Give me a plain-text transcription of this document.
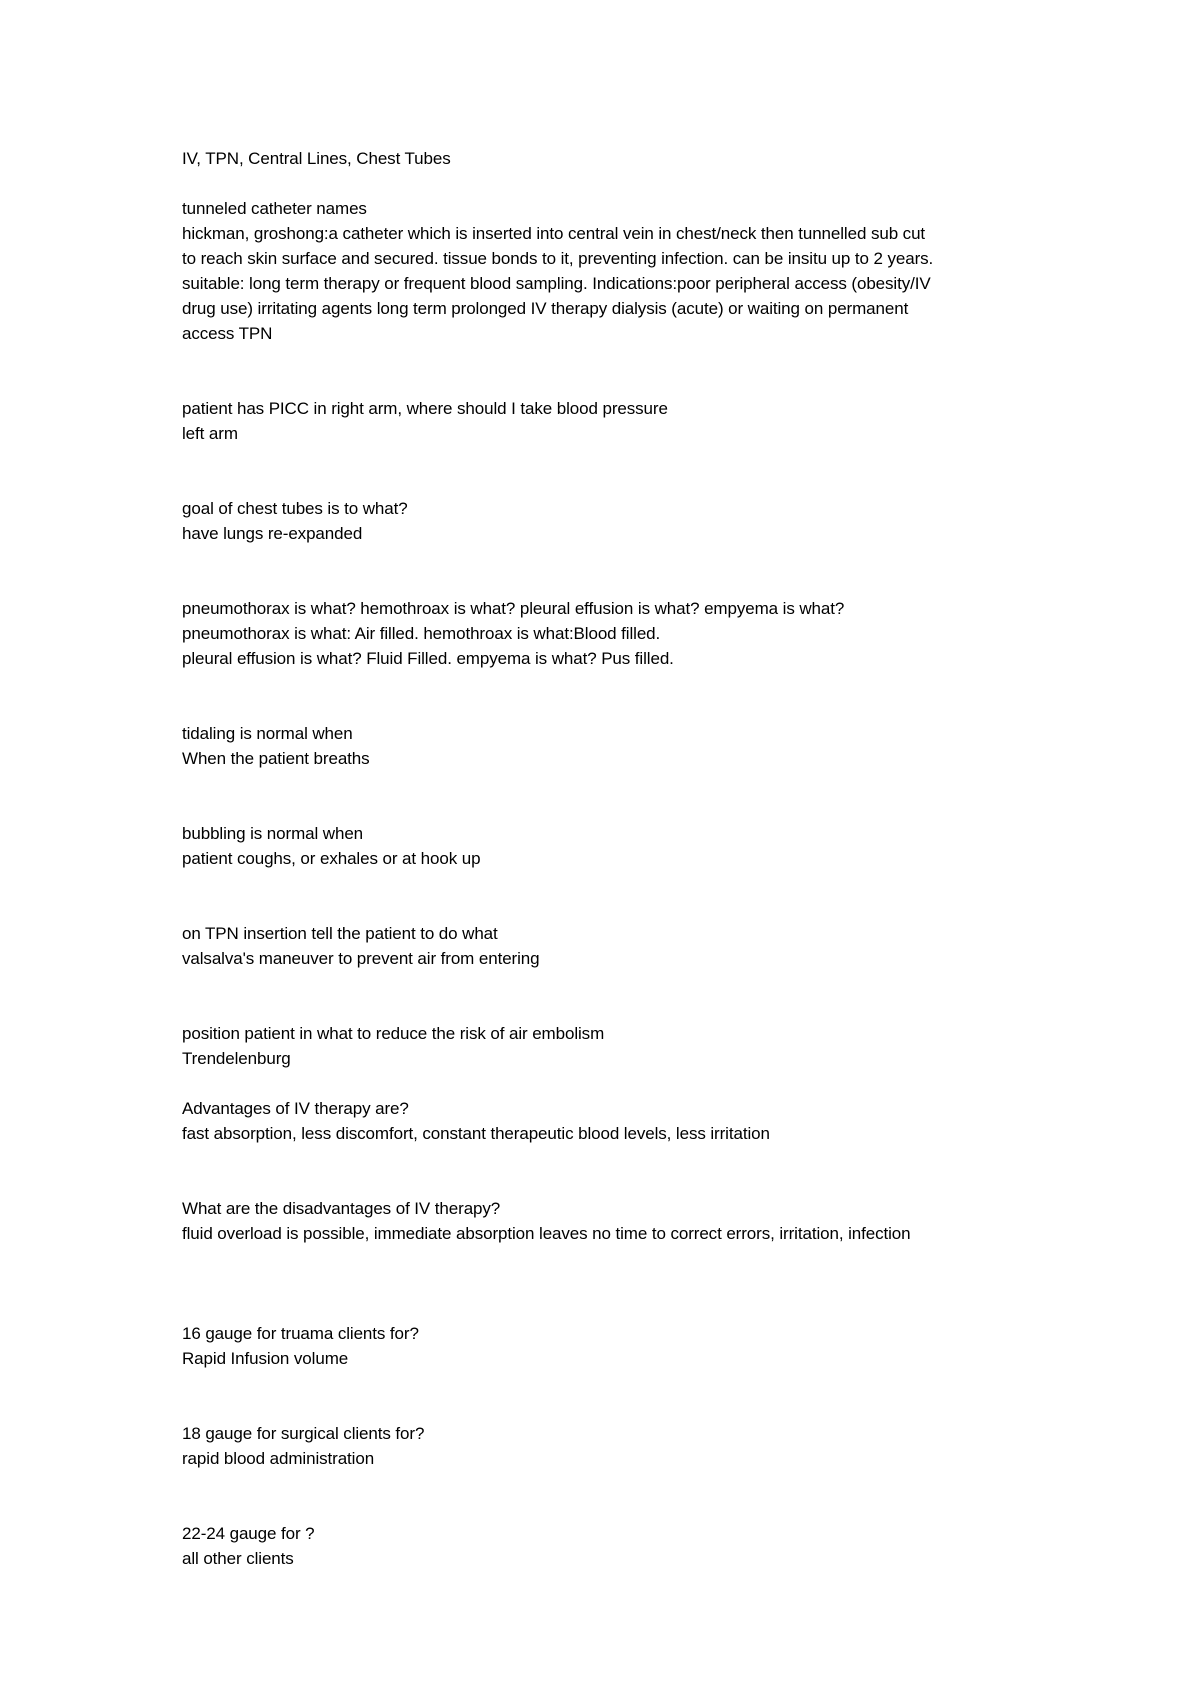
IV, TPN, Central Lines, Chest Tubes

tunneled catheter names
hickman, groshong:a catheter which is inserted into central vein in chest/neck then tunnelled sub cut
to reach skin surface and secured. tissue bonds to it, preventing infection. can be insitu up to 2 years.
suitable: long term therapy or frequent blood sampling. Indications:poor peripheral access (obesity/IV
drug use) irritating agents long term prolonged IV therapy dialysis (acute) or waiting on permanent
access TPN

patient has PICC in right arm, where should I take blood pressure
left arm

goal of chest tubes is to what?
have lungs re-expanded

pneumothorax is what? hemothroax is what? pleural effusion is what? empyema is what?
pneumothorax is what: Air filled. hemothroax is what:Blood filled.
pleural effusion is what? Fluid Filled. empyema is what? Pus filled.

tidaling is normal when
When the patient breaths

bubbling is normal when
patient coughs, or exhales or at hook up

on TPN insertion tell the patient to do what
valsalva's maneuver to prevent air from entering

position patient in what to reduce the risk of air embolism
Trendelenburg

Advantages of IV therapy are?
fast absorption, less discomfort, constant therapeutic blood levels, less irritation

What are the disadvantages of IV therapy?
fluid overload is possible, immediate absorption leaves no time to correct errors, irritation, infection

16 gauge for truama clients for?
Rapid Infusion volume

18 gauge for surgical clients for?
rapid blood administration

22-24 gauge for ?
all other clients
